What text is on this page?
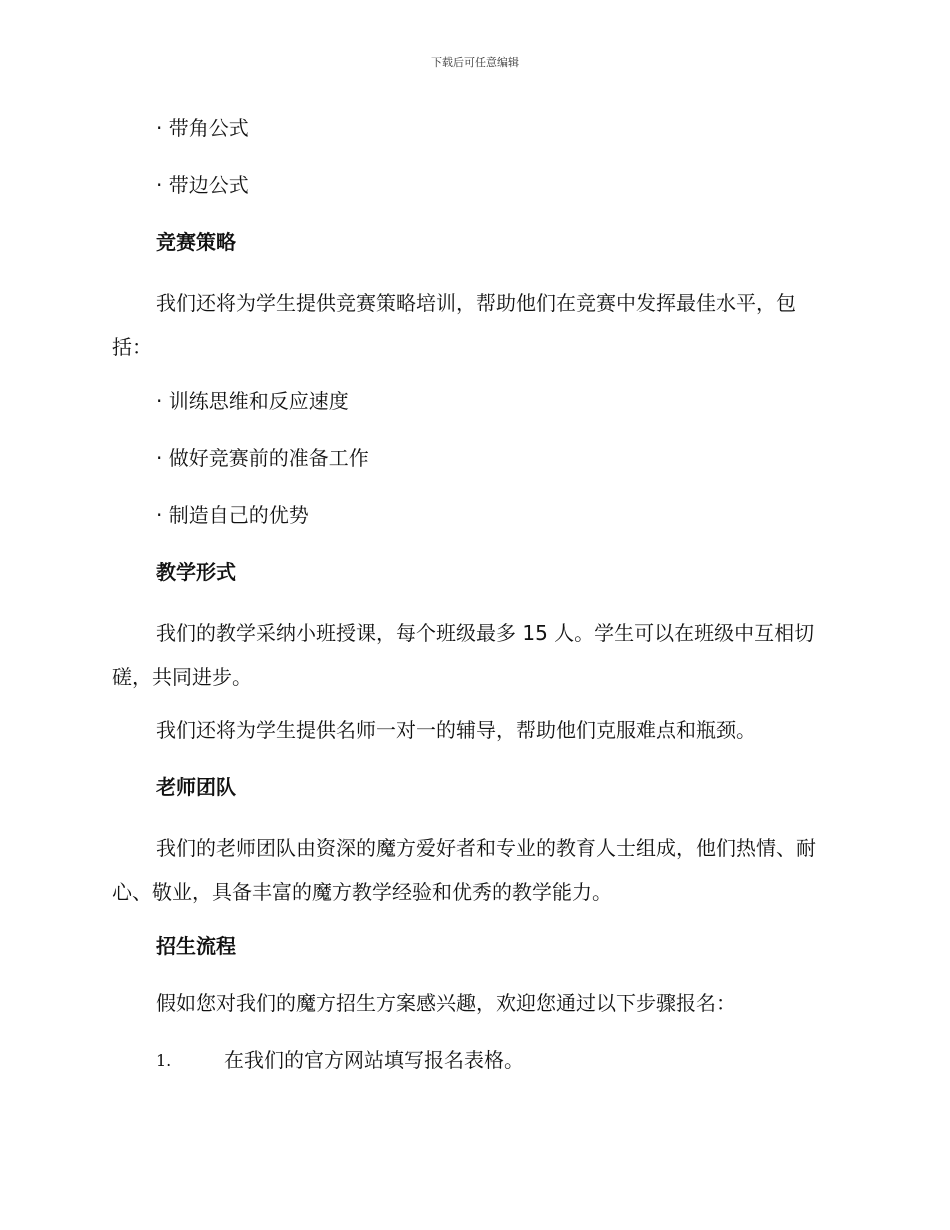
下载后可任意编辑
· 带角公式
· 带边公式
竞赛策略

我们还将为学生提供竞赛策略培训，帮助他们在竞赛中发挥最佳水平，包括：

· 训练思维和反应速度
· 做好竞赛前的准备工作
· 制造自己的优势
教学形式

我们的教学采纳小班授课，每个班级最多 15 人。学生可以在班级中互相切磋，共同进步。

我们还将为学生提供名师一对一的辅导，帮助他们克服难点和瓶颈。

老师团队

我们的老师团队由资深的魔方爱好者和专业的教育人士组成，他们热情、耐心、敬业，具备丰富的魔方教学经验和优秀的教学能力。

招生流程

假如您对我们的魔方招生方案感兴趣，欢迎您通过以下步骤报名：

1.	在我们的官方网站填写报名表格。
